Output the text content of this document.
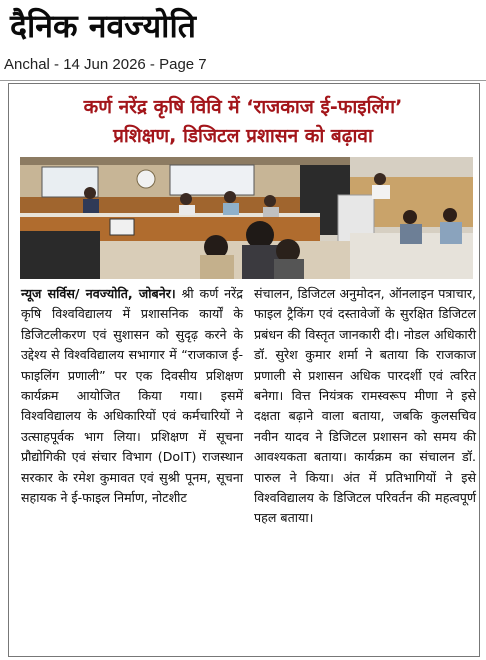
दैनिक नवज्योति
Anchal - 14 Jun 2026 - Page 7
कर्ण नरेंद्र कृषि विवि में ‘राजकाज ई-फाइलिंग’
प्रशिक्षण, डिजिटल प्रशासन को बढ़ावा
न्यूज सर्विस/ नवज्योति, जोबनेर। श्री कर्ण नरेंद्र कृषि विश्वविद्यालय में प्रशासनिक कार्यों के डिजिटलीकरण एवं सुशासन को सुदृढ़ करने के उद्देश्य से विश्वविद्यालय सभागार में “राजकाज ई-फाइलिंग प्रणाली” पर एक दिवसीय प्रशिक्षण कार्यक्रम आयोजित किया गया। इसमें विश्वविद्यालय के अधिकारियों एवं कर्मचारियों ने उत्साहपूर्वक भाग लिया। प्रशिक्षण में सूचना प्रौद्योगिकी एवं संचार विभाग (DoIT) राजस्थान सरकार के रमेश कुमावत एवं सुश्री पूनम, सूचना सहायक ने ई-फाइल निर्माण, नोटशीट
संचालन, डिजिटल अनुमोदन, ऑनलाइन पत्राचार, फाइल ट्रैकिंग एवं दस्तावेजों के सुरक्षित डिजिटल प्रबंधन की विस्तृत जानकारी दी। नोडल अधिकारी डॉ. सुरेश कुमार शर्मा ने बताया कि राजकाज प्रणाली से प्रशासन अधिक पारदर्शी एवं त्वरित बनेगा। वित्त नियंत्रक रामस्वरूप मीणा ने इसे दक्षता बढ़ाने वाला बताया, जबकि कुलसचिव नवीन यादव ने डिजिटल प्रशासन को समय की आवश्यकता बताया। कार्यक्रम का संचालन डॉ. पारुल ने किया। अंत में प्रतिभागियों ने इसे विश्वविद्यालय के डिजिटल परिवर्तन की महत्वपूर्ण पहल बताया।
